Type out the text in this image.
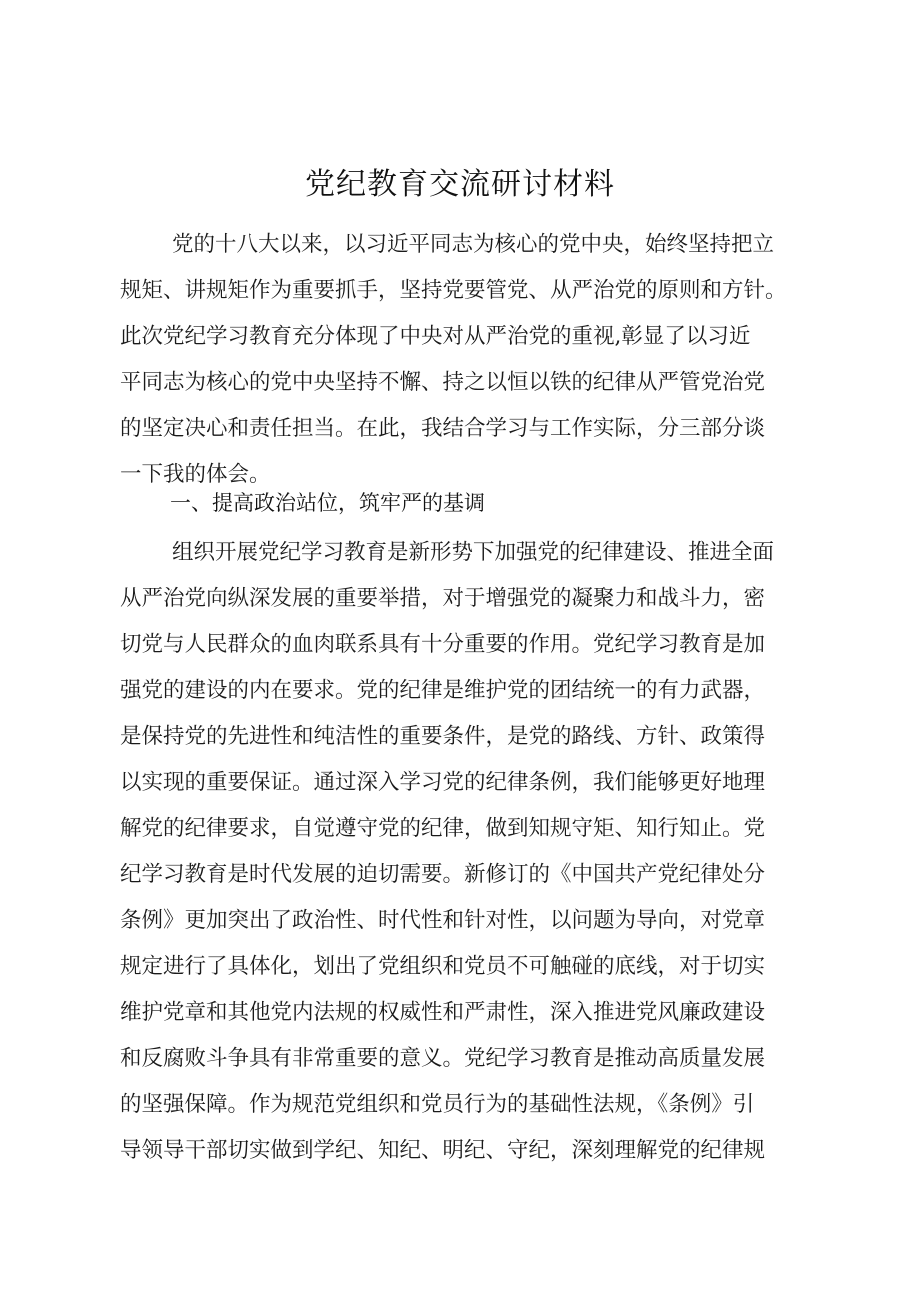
党纪教育交流研讨材料

党的十八大以来，以习近平同志为核心的党中央，始终坚持把立

规矩、讲规矩作为重要抓手，坚持党要管党、从严治党的原则和方针。

此次党纪学习教育充分体现了中央对从严治党的重视,彰显了以习近

平同志为核心的党中央坚持不懈、持之以恒以铁的纪律从严管党治党

的坚定决心和责任担当。在此，我结合学习与工作实际，分三部分谈

一下我的体会。

一、提高政治站位，筑牢严的基调

组织开展党纪学习教育是新形势下加强党的纪律建设、推进全面

从严治党向纵深发展的重要举措，对于增强党的凝聚力和战斗力，密

切党与人民群众的血肉联系具有十分重要的作用。党纪学习教育是加

强党的建设的内在要求。党的纪律是维护党的团结统一的有力武器，

是保持党的先进性和纯洁性的重要条件，是党的路线、方针、政策得

以实现的重要保证。通过深入学习党的纪律条例，我们能够更好地理

解党的纪律要求，自觉遵守党的纪律，做到知规守矩、知行知止。党

纪学习教育是时代发展的迫切需要。新修订的《中国共产党纪律处分

条例》更加突出了政治性、时代性和针对性，以问题为导向，对党章

规定进行了具体化，划出了党组织和党员不可触碰的底线，对于切实

维护党章和其他党内法规的权威性和严肃性，深入推进党风廉政建设

和反腐败斗争具有非常重要的意义。党纪学习教育是推动高质量发展

的坚强保障。作为规范党组织和党员行为的基础性法规，《条例》引

导领导干部切实做到学纪、知纪、明纪、守纪，深刻理解党的纪律规
